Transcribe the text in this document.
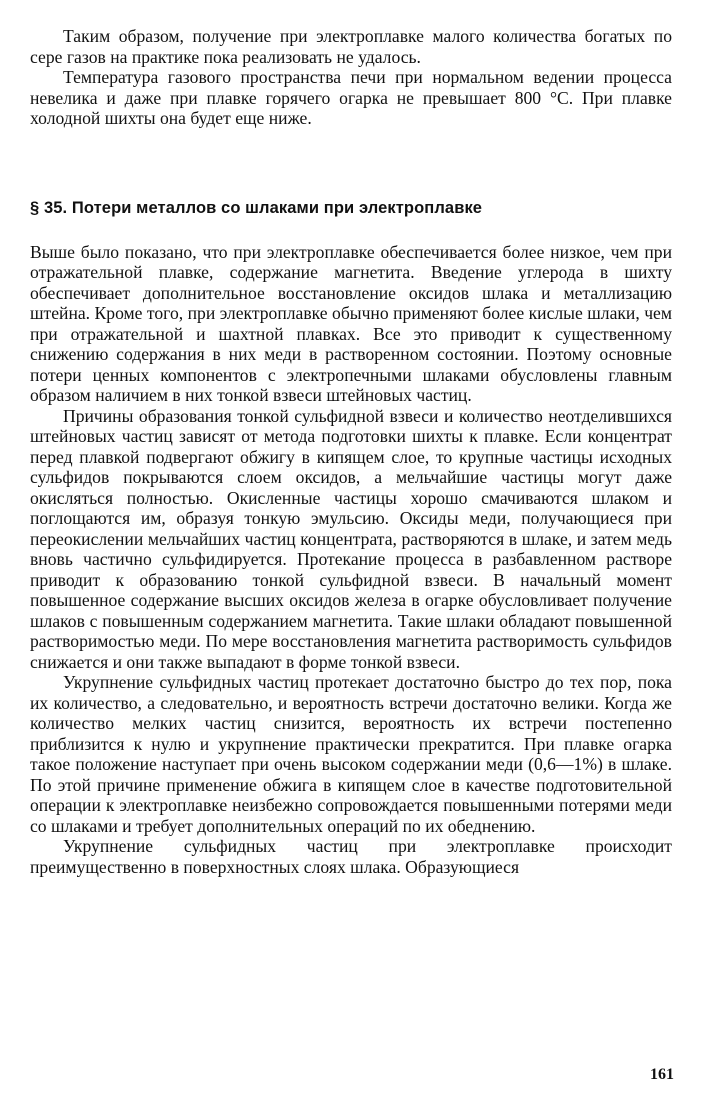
Таким образом, получение при электроплавке малого количества богатых по сере газов на практике пока реализовать не удалось.

Температура газового пространства печи при нормальном ведении процесса невелика и даже при плавке горячего огарка не превышает 800 °С. При плавке холодной шихты она будет еще ниже.

§ 35. Потери металлов со шлаками при электроплавке

Выше было показано, что при электроплавке обеспечивается более низкое, чем при отражательной плавке, содержание магнетита. Введение углерода в шихту обеспечивает дополнительное восстановление оксидов шлака и металлизацию штейна. Кроме того, при электроплавке обычно применяют более кислые шлаки, чем при отражательной и шахтной плавках. Все это приводит к существенному снижению содержания в них меди в растворенном состоянии. Поэтому основные потери ценных компонентов с электропечными шлаками обусловлены главным образом наличием в них тонкой взвеси штейновых частиц.

Причины образования тонкой сульфидной взвеси и количество неотделившихся штейновых частиц зависят от метода подготовки шихты к плавке. Если концентрат перед плавкой подвергают обжигу в кипящем слое, то крупные частицы исходных сульфидов покрываются слоем оксидов, а мельчайшие частицы могут даже окисляться полностью. Окисленные частицы хорошо смачиваются шлаком и поглощаются им, образуя тонкую эмульсию. Оксиды меди, получающиеся при переокислении мельчайших частиц концентрата, растворяются в шлаке, и затем медь вновь частично сульфидируется. Протекание процесса в разбавленном растворе приводит к образованию тонкой сульфидной взвеси. В начальный момент повышенное содержание высших оксидов железа в огарке обусловливает получение шлаков с повышенным содержанием магнетита. Такие шлаки обладают повышенной растворимостью меди. По мере восстановления магнетита растворимость сульфидов снижается и они также выпадают в форме тонкой взвеси.

Укрупнение сульфидных частиц протекает достаточно быстро до тех пор, пока их количество, а следовательно, и вероятность встречи достаточно велики. Когда же количество мелких частиц снизится, вероятность их встречи постепенно приблизится к нулю и укрупнение практически прекратится. При плавке огарка такое положение наступает при очень высоком содержании меди (0,6—1%) в шлаке. По этой причине применение обжига в кипящем слое в качестве подготовительной операции к электроплавке неизбежно сопровождается повышенными потерями меди со шлаками и требует дополнительных операций по их обеднению.

Укрупнение сульфидных частиц при электроплавке происходит преимущественно в поверхностных слоях шлака. Образующиеся

161
